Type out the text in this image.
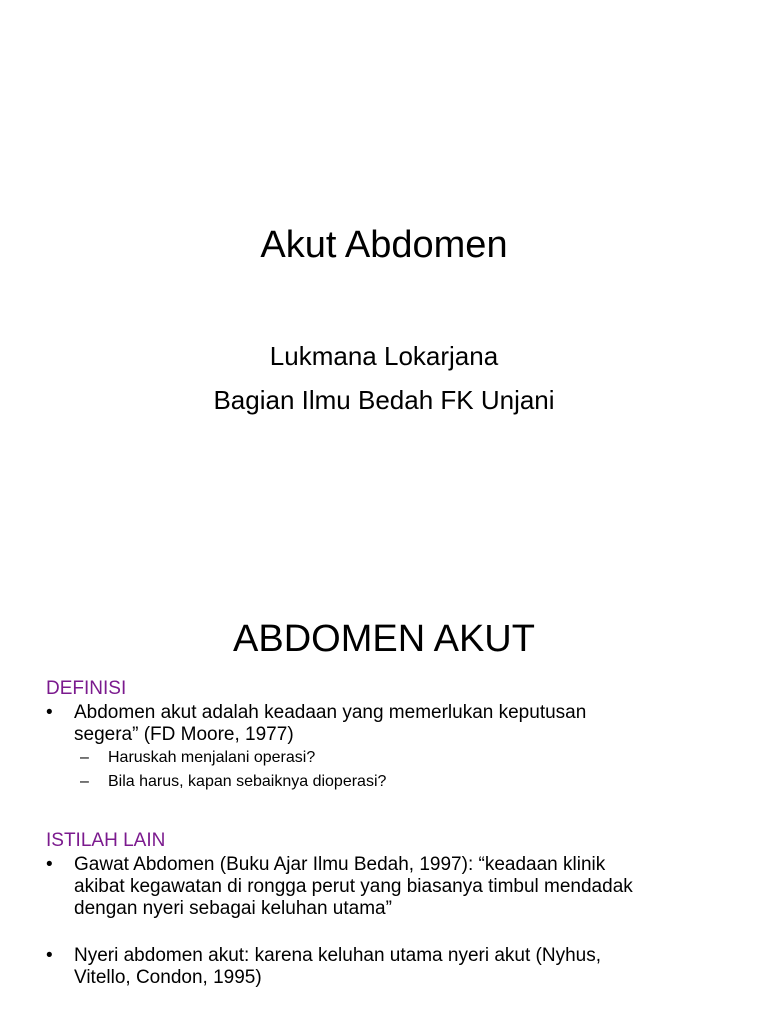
Akut Abdomen
Lukmana Lokarjana
Bagian Ilmu Bedah FK Unjani
ABDOMEN AKUT
DEFINISI
• Abdomen akut adalah keadaan yang memerlukan keputusan
segera” (FD Moore, 1977)
– Haruskah menjalani operasi?
– Bila harus, kapan sebaiknya dioperasi?
ISTILAH LAIN
• Gawat Abdomen (Buku Ajar Ilmu Bedah, 1997): “keadaan klinik
akibat kegawatan di rongga perut yang biasanya timbul mendadak
dengan nyeri sebagai keluhan utama”
• Nyeri abdomen akut: karena keluhan utama nyeri akut (Nyhus,
Vitello, Condon, 1995)
